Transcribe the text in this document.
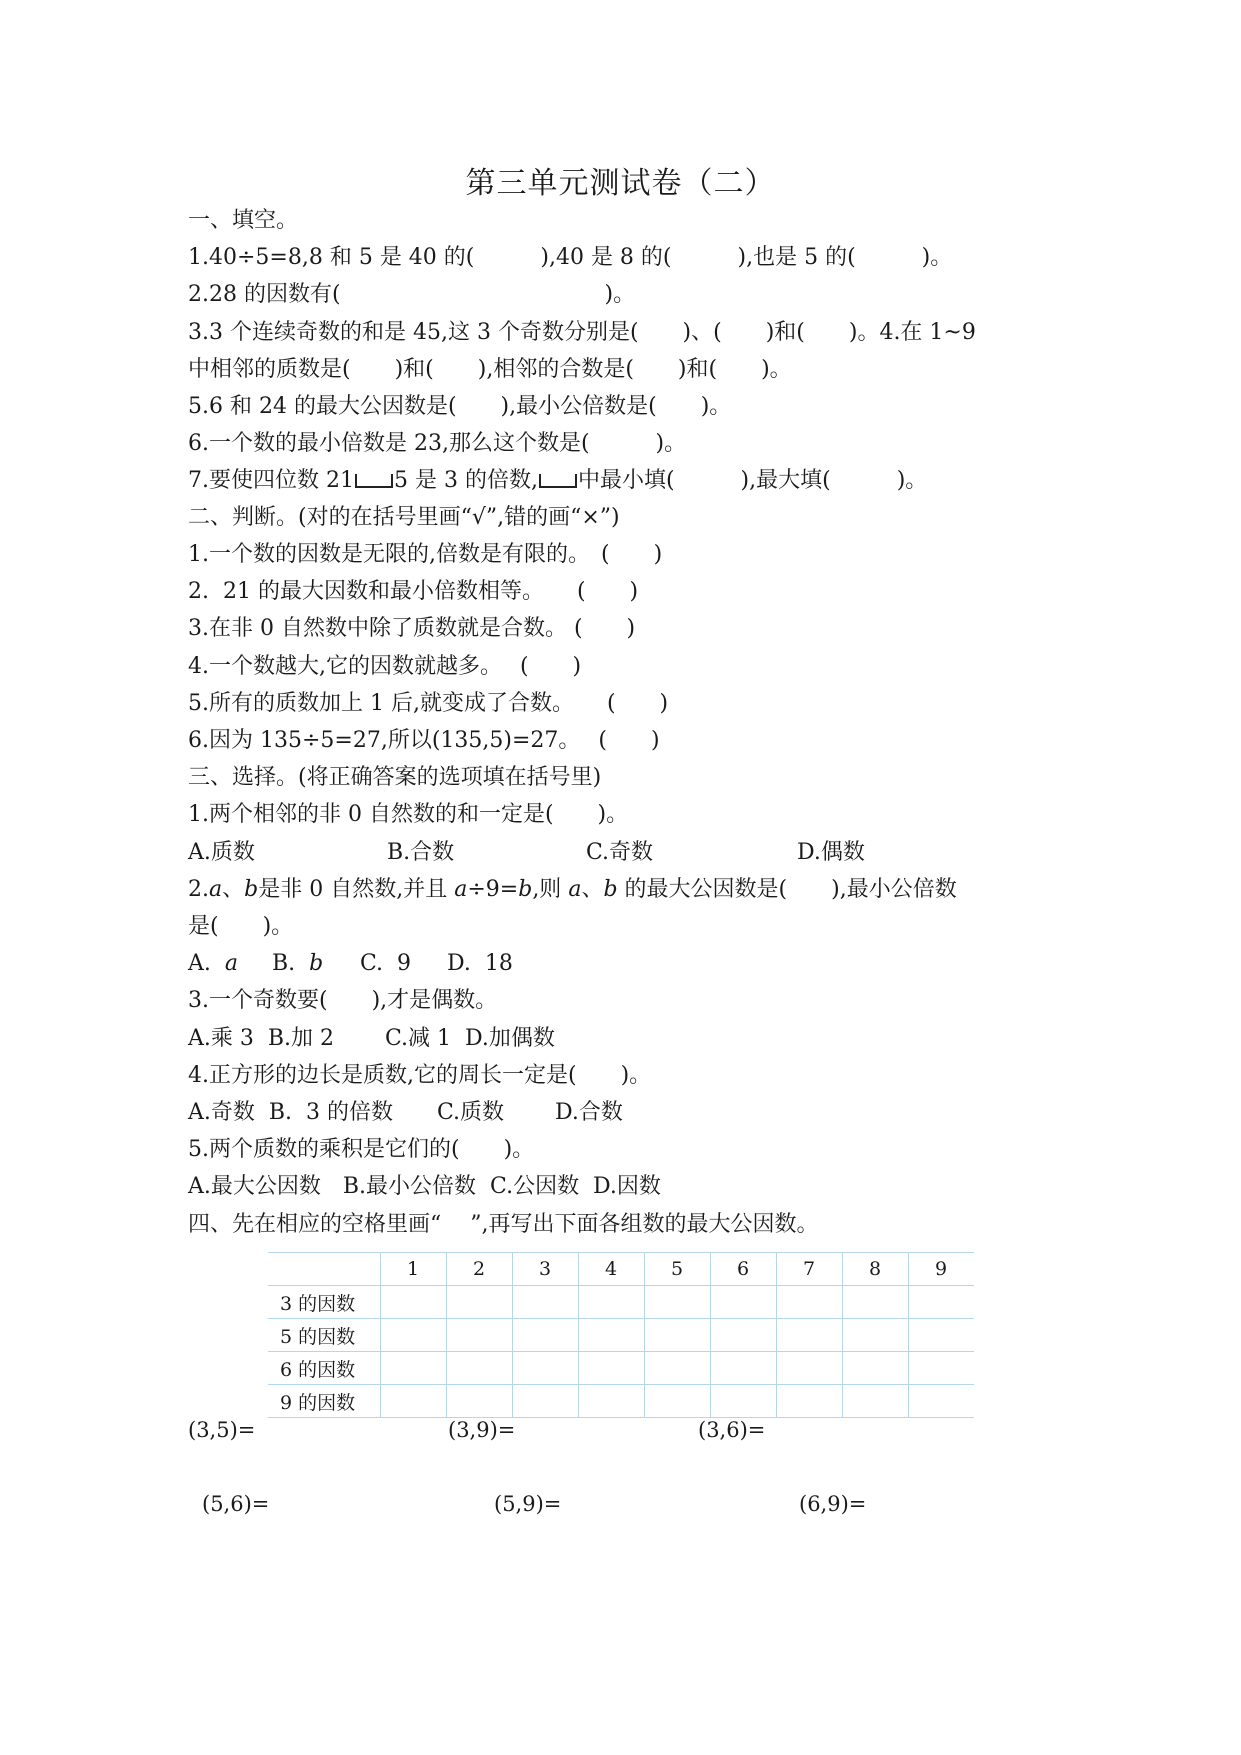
第三单元测试卷（二）
一、填空。
1.40÷5=8,8 和 5 是 40 的(　　　),40 是 8 的(　　　),也是 5 的(　　　)。
2.28 的因数有(　　　　　　　　　　　　)。
3.3 个连续奇数的和是 45,这 3 个奇数分别是(　　)、(　　)和(　　)。4.在 1~9
中相邻的质数是(　　)和(　　),相邻的合数是(　　)和(　　)。
5.6 和 24 的最大公因数是(　　),最小公倍数是(　　)。
6.一个数的最小倍数是 23,那么这个数是(　　　)。
7.要使四位数 21 5 是 3 的倍数, 中最小填(　　　),最大填(　　　)。
二、判断。(对的在括号里画“√”,错的画“×”)
1.一个数的因数是无限的,倍数是有限的。　(　　)
2.  21 的最大因数和最小倍数相等。　　(　　)
3.在非 0 自然数中除了质数就是合数。 (　　)
4.一个数越大,它的因数就越多。　 (　　)
5.所有的质数加上 1 后,就变成了合数。　　(　　)
6.因为 135÷5=27,所以(135,5)=27。　 (　　)
三、选择。(将正确答案的选项填在括号里)
1.两个相邻的非 0 自然数的和一定是(　　)。
A.质数	B.合数	C.奇数	D.偶数
2.a、b是非 0 自然数,并且 a÷9=b,则 a、b 的最大公因数是(　　),最小公倍数
是(　　)。
A.  a B.  b C.  9 D.  18
3.一个奇数要(　　),才是偶数。
A.乘 3  B.加 2　　 C.减 1  D.加偶数
4.正方形的边长是质数,它的周长一定是(　　)。
A.奇数  B.  3 的倍数　　C.质数　　 D.合数
5.两个质数的乘积是它们的(　　)。
A.最大公因数　B.最小公倍数  C.公因数  D.因数
四、先在相应的空格里画“　 ”,再写出下面各组数的最大公因数。
	1	2	3	4	5	6	7	8	9
3 的因数									
5 的因数									
6 的因数									
9 的因数									
(3,5)=	(3,9)=	(3,6)=
(5,6)=	(5,9)=	(6,9)=
